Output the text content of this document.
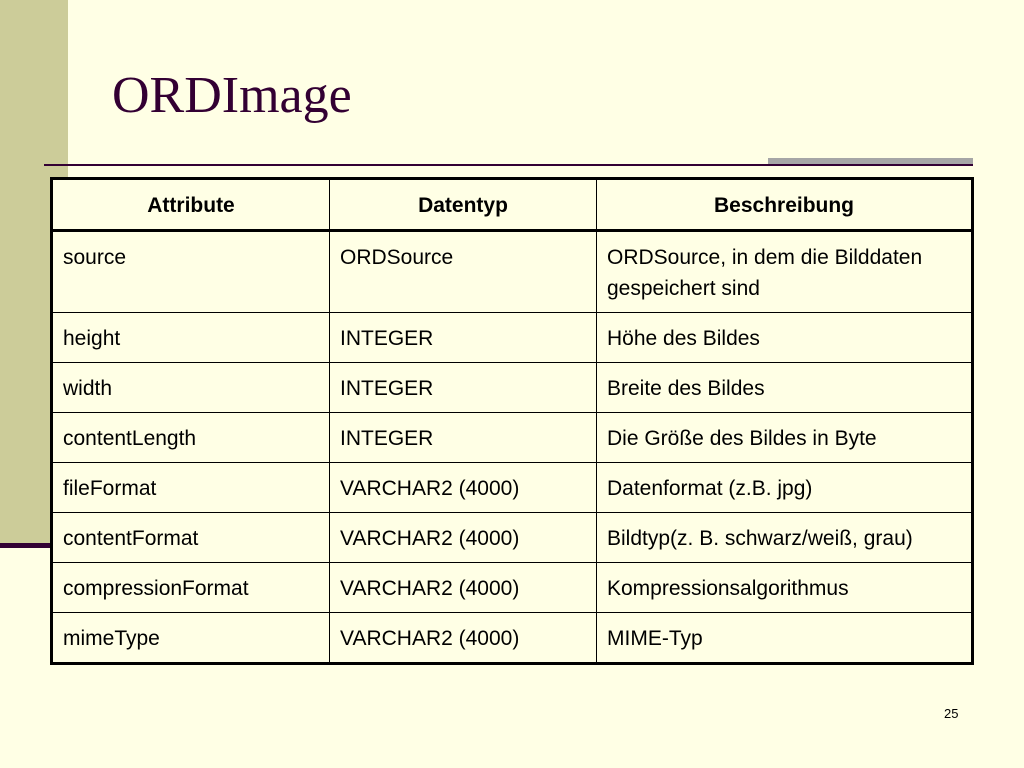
ORDImage
Attribute	Datentyp	Beschreibung
source	ORDSource	ORDSource, in dem die Bilddaten gespeichert sind
height	INTEGER	Höhe des Bildes
width	INTEGER	Breite des Bildes
contentLength	INTEGER	Die Größe des Bildes in Byte
fileFormat	VARCHAR2 (4000)	Datenformat (z.B. jpg)
contentFormat	VARCHAR2 (4000)	Bildtyp(z. B. schwarz/weiß, grau)
compressionFormat	VARCHAR2 (4000)	Kompressionsalgorithmus
mimeType	VARCHAR2 (4000)	MIME-Typ
25
